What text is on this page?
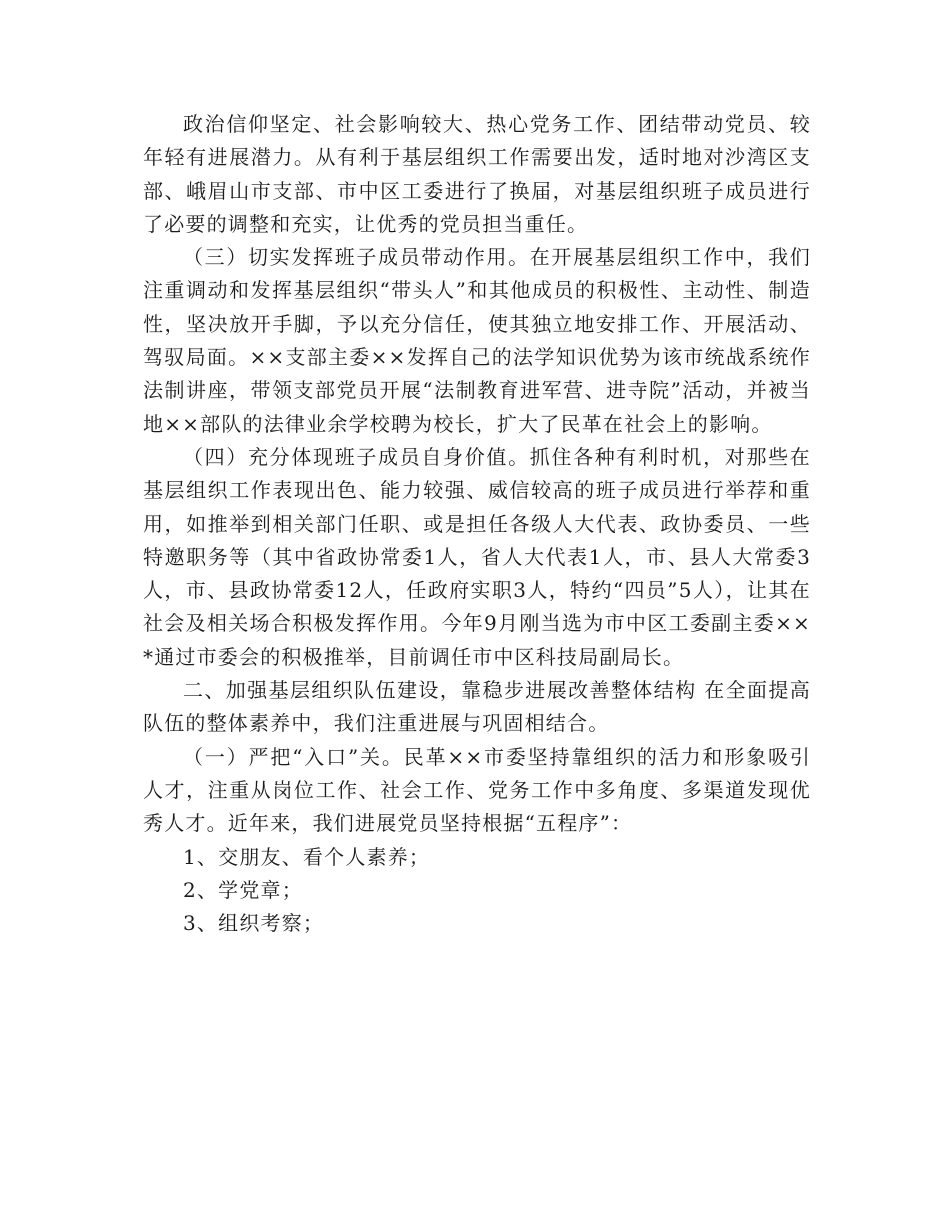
政治信仰坚定、社会影响较大、热心党务工作、团结带动党员、较年轻有进展潜力。从有利于基层组织工作需要出发，适时地对沙湾区支部、峨眉山市支部、市中区工委进行了换届，对基层组织班子成员进行了必要的调整和充实，让优秀的党员担当重任。

（三）切实发挥班子成员带动作用。在开展基层组织工作中，我们注重调动和发挥基层组织“带头人”和其他成员的积极性、主动性、制造性，坚决放开手脚，予以充分信任，使其独立地安排工作、开展活动、驾驭局面。××支部主委××发挥自己的法学知识优势为该市统战系统作法制讲座，带领支部党员开展“法制教育进军营、进寺院”活动，并被当地××部队的法律业余学校聘为校长，扩大了民革在社会上的影响。

（四）充分体现班子成员自身价值。抓住各种有利时机，对那些在基层组织工作表现出色、能力较强、威信较高的班子成员进行举荐和重用，如推举到相关部门任职、或是担任各级人大代表、政协委员、一些特邀职务等（其中省政协常委1人，省人大代表1人，市、县人大常委3人，市、县政协常委12人，任政府实职3人，特约“四员”5人），让其在社会及相关场合积极发挥作用。今年9月刚当选为市中区工委副主委××*通过市委会的积极推举，目前调任市中区科技局副局长。

二、加强基层组织队伍建设，靠稳步进展改善整体结构 在全面提高队伍的整体素养中，我们注重进展与巩固相结合。

（一）严把“入口”关。民革××市委坚持靠组织的活力和形象吸引人才，注重从岗位工作、社会工作、党务工作中多角度、多渠道发现优秀人才。近年来，我们进展党员坚持根据“五程序”：

1、交朋友、看个人素养；

2、学党章；

3、组织考察；
